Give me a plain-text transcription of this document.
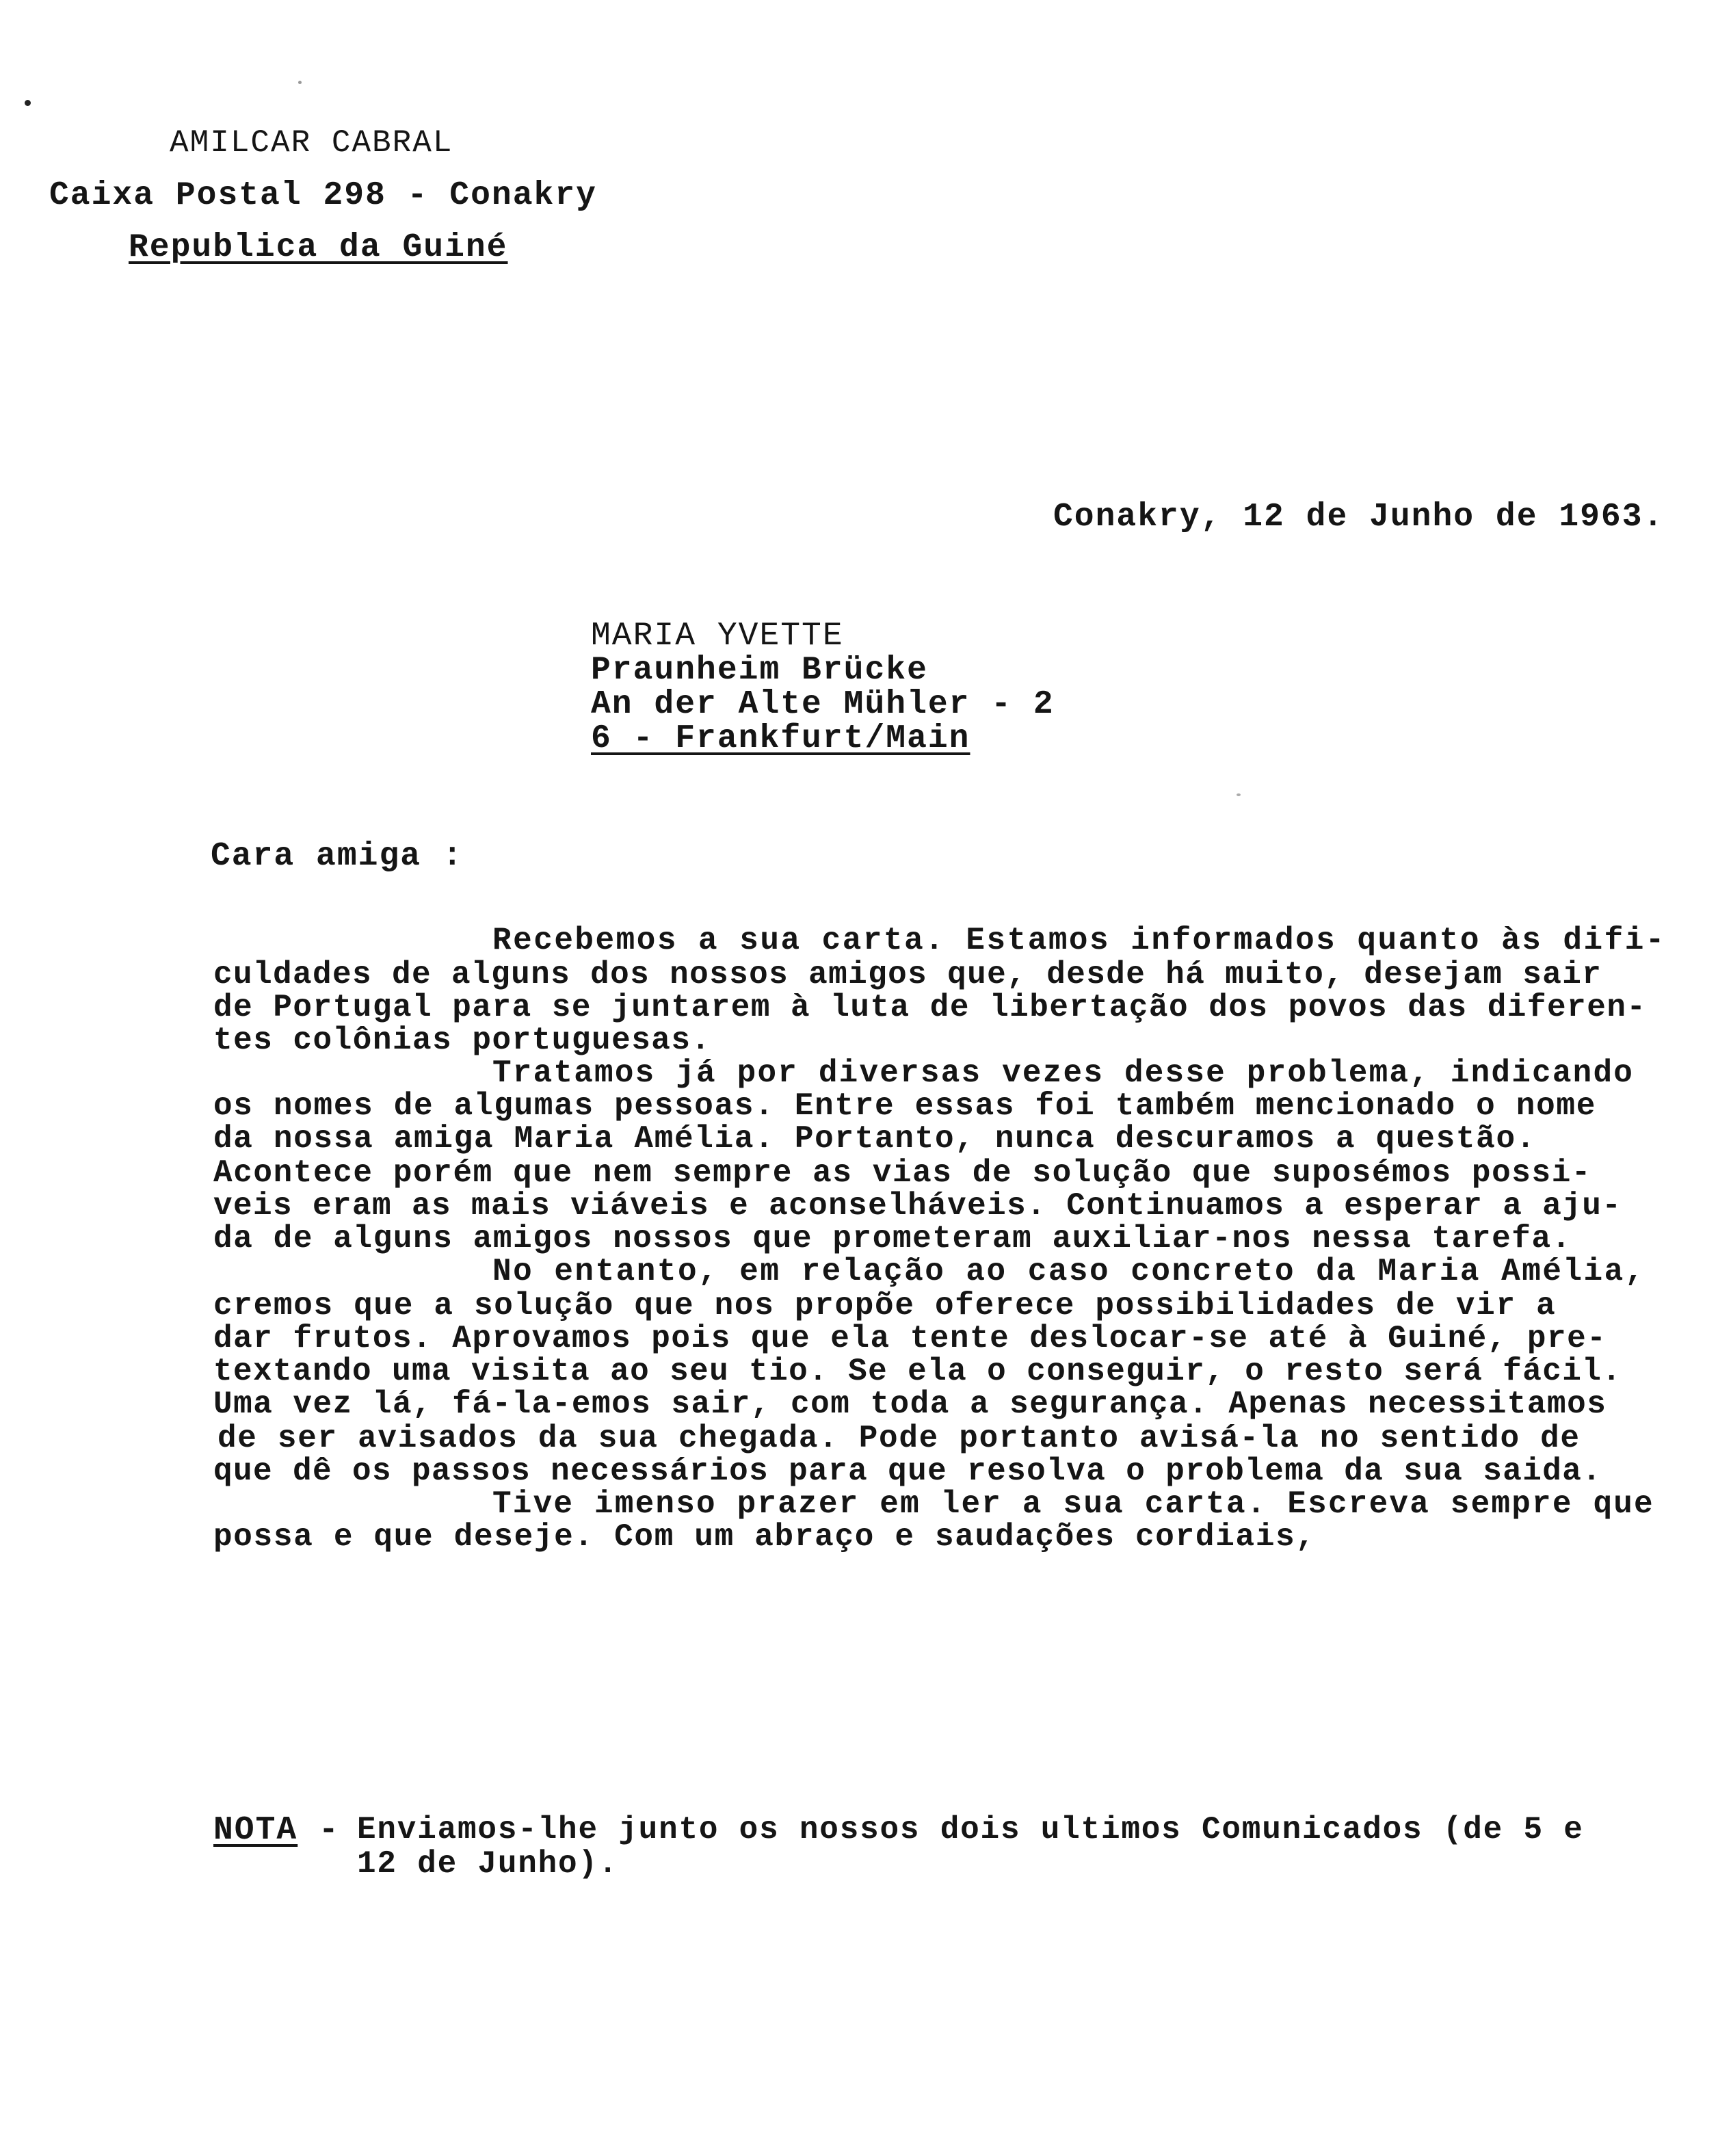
AMILCAR CABRAL
Caixa Postal 298 - Conakry
Republica da Guiné
Conakry, 12 de Junho de 1963.
MARIA YVETTE
Praunheim Brücke
An der Alte Mühler - 2
6 - Frankfurt/Main
Cara amiga :
Recebemos a sua carta. Estamos informados quanto às difi-
culdades de alguns dos nossos amigos que, desde há muito, desejam sair
de Portugal para se juntarem à luta de libertação dos povos das diferen-
tes colônias portuguesas.
Tratamos já por diversas vezes desse problema, indicando
os nomes de algumas pessoas. Entre essas foi também mencionado o nome
da nossa amiga Maria Amélia. Portanto, nunca descuramos a questão.
Acontece porém que nem sempre as vias de solução que suposémos possi-
veis eram as mais viáveis e aconselháveis. Continuamos a esperar a aju-
da de alguns amigos nossos que prometeram auxiliar-nos nessa tarefa.
No entanto, em relação ao caso concreto da Maria Amélia,
cremos que a solução que nos propõe oferece possibilidades de vir a
dar frutos. Aprovamos pois que ela tente deslocar-se até à Guiné, pre-
textando uma visita ao seu tio. Se ela o conseguir, o resto será fácil.
Uma vez lá, fá-la-emos sair, com toda a segurança. Apenas necessitamos
de ser avisados da sua chegada. Pode portanto avisá-la no sentido de
que dê os passos necessários para que resolva o problema da sua saida.
Tive imenso prazer em ler a sua carta. Escreva sempre que
possa e que deseje. Com um abraço e saudações cordiais,
NOTA - Enviamos-lhe junto os nossos dois ultimos Comunicados (de 5 e
12 de Junho).
